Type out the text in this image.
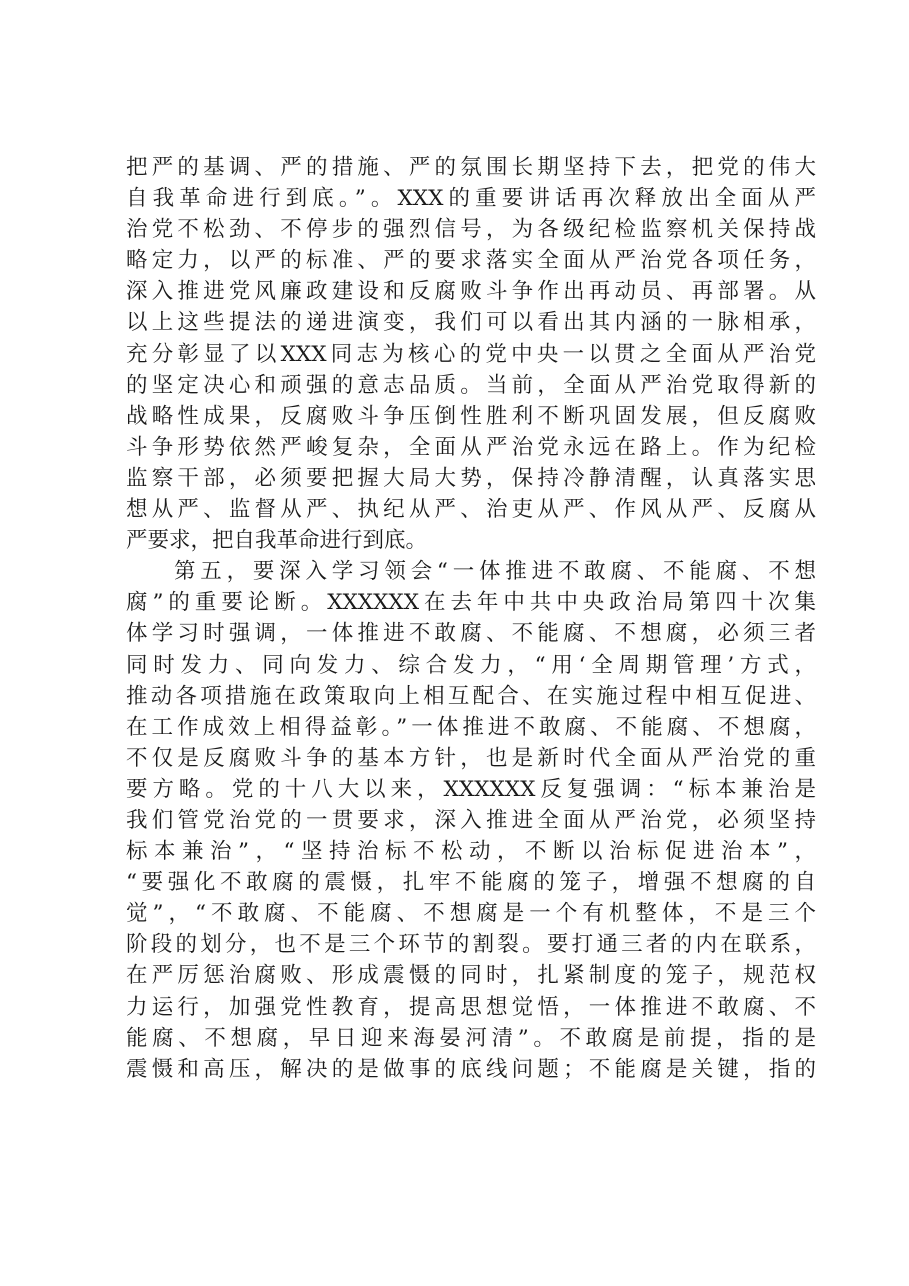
把严的基调、严的措施、严的氛围长期坚持下去，把党的伟大
自我革命进行到底。”。XXX的重要讲话再次释放出全面从严
治党不松劲、不停步的强烈信号，为各级纪检监察机关保持战
略定力，以严的标准、严的要求落实全面从严治党各项任务，
深入推进党风廉政建设和反腐败斗争作出再动员、再部署。从
以上这些提法的递进演变，我们可以看出其内涵的一脉相承，
充分彰显了以XXX同志为核心的党中央一以贯之全面从严治党
的坚定决心和顽强的意志品质。当前，全面从严治党取得新的
战略性成果，反腐败斗争压倒性胜利不断巩固发展，但反腐败
斗争形势依然严峻复杂，全面从严治党永远在路上。作为纪检
监察干部，必须要把握大局大势，保持冷静清醒，认真落实思
想从严、监督从严、执纪从严、治吏从严、作风从严、反腐从
严要求，把自我革命进行到底。
第五，要深入学习领会“一体推进不敢腐、不能腐、不想
腐”的重要论断。XXXXXX在去年中共中央政治局第四十次集
体学习时强调，一体推进不敢腐、不能腐、不想腐，必须三者
同时发力、同向发力、综合发力，“用‘全周期管理’方式，
推动各项措施在政策取向上相互配合、在实施过程中相互促进、
在工作成效上相得益彰。”一体推进不敢腐、不能腐、不想腐，
不仅是反腐败斗争的基本方针，也是新时代全面从严治党的重
要方略。党的十八大以来，XXXXXX反复强调：“标本兼治是
我们管党治党的一贯要求，深入推进全面从严治党，必须坚持
标本兼治”，“坚持治标不松动，不断以治标促进治本”，
“要强化不敢腐的震慑，扎牢不能腐的笼子，增强不想腐的自
觉”，“不敢腐、不能腐、不想腐是一个有机整体，不是三个
阶段的划分，也不是三个环节的割裂。要打通三者的内在联系，
在严厉惩治腐败、形成震慑的同时，扎紧制度的笼子，规范权
力运行，加强党性教育，提高思想觉悟，一体推进不敢腐、不
能腐、不想腐，早日迎来海晏河清”。不敢腐是前提，指的是
震慑和高压，解决的是做事的底线问题；不能腐是关键，指的
